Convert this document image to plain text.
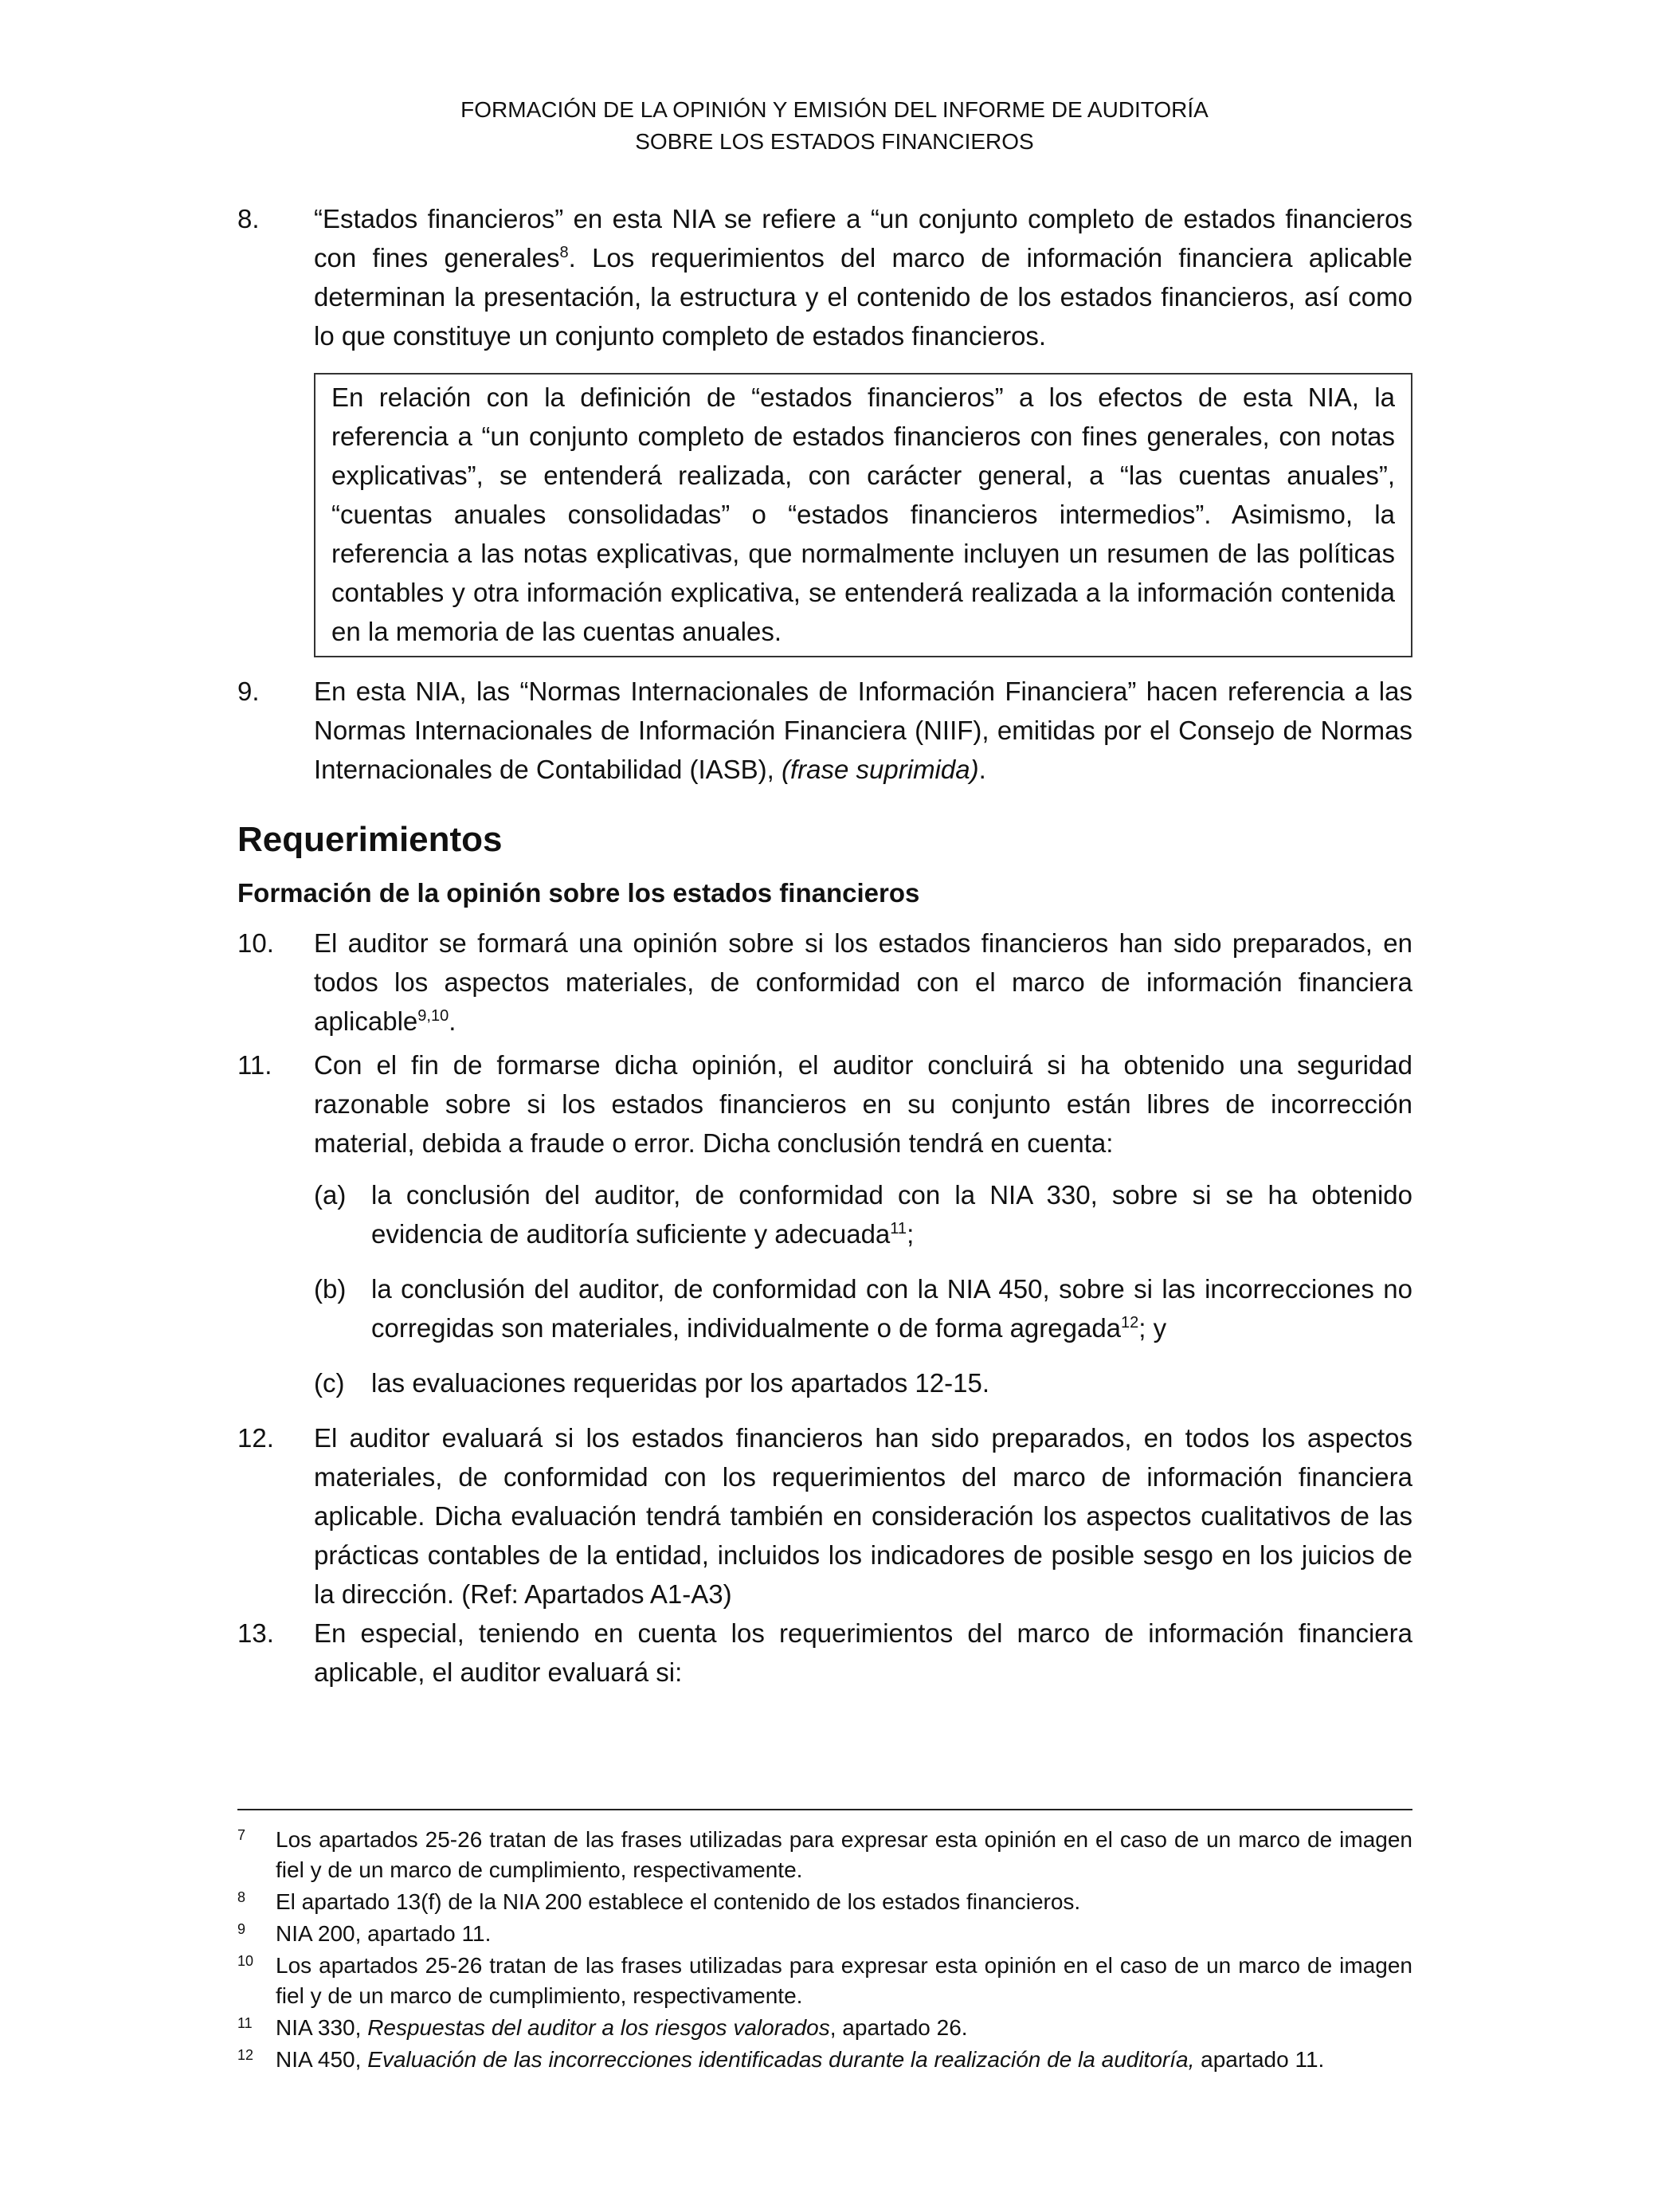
FORMACIÓN DE LA OPINIÓN Y EMISIÓN DEL INFORME DE AUDITORÍA
SOBRE LOS ESTADOS FINANCIEROS

8. “Estados financieros” en esta NIA se refiere a “un conjunto completo de estados financieros con fines generales$^8$. Los requerimientos del marco de información financiera aplicable determinan la presentación, la estructura y el contenido de los estados financieros, así como lo que constituye un conjunto completo de estados financieros.

En relación con la definición de “estados financieros” a los efectos de esta NIA, la referencia a “un conjunto completo de estados financieros con fines generales, con notas explicativas”, se entenderá realizada, con carácter general, a “las cuentas anuales”, “cuentas anuales consolidadas” o “estados financieros intermedios”. Asimismo, la referencia a las notas explicativas, que normalmente incluyen un resumen de las políticas contables y otra información explicativa, se entenderá realizada a la información contenida en la memoria de las cuentas anuales.

9. En esta NIA, las “Normas Internacionales de Información Financiera” hacen referencia a las Normas Internacionales de Información Financiera (NIIF), emitidas por el Consejo de Normas Internacionales de Contabilidad (IASB), (frase suprimida).

Requerimientos
Formación de la opinión sobre los estados financieros

10. El auditor se formará una opinión sobre si los estados financieros han sido preparados, en todos los aspectos materiales, de conformidad con el marco de información financiera aplicable$^{9,10}$.

11. Con el fin de formarse dicha opinión, el auditor concluirá si ha obtenido una seguridad razonable sobre si los estados financieros en su conjunto están libres de incorrección material, debida a fraude o error. Dicha conclusión tendrá en cuenta:

(a) la conclusión del auditor, de conformidad con la NIA 330, sobre si se ha obtenido evidencia de auditoría suficiente y adecuada$^{11}$;
(b) la conclusión del auditor, de conformidad con la NIA 450, sobre si las incorrecciones no corregidas son materiales, individualmente o de forma agregada$^{12}$; y
(c) las evaluaciones requeridas por los apartados 12-15.

12. El auditor evaluará si los estados financieros han sido preparados, en todos los aspectos materiales, de conformidad con los requerimientos del marco de información financiera aplicable. Dicha evaluación tendrá también en consideración los aspectos cualitativos de las prácticas contables de la entidad, incluidos los indicadores de posible sesgo en los juicios de la dirección. (Ref: Apartados A1-A3)

13. En especial, teniendo en cuenta los requerimientos del marco de información financiera aplicable, el auditor evaluará si:

7 Los apartados 25-26 tratan de las frases utilizadas para expresar esta opinión en el caso de un marco de imagen fiel y de un marco de cumplimiento, respectivamente.
8 El apartado 13(f) de la NIA 200 establece el contenido de los estados financieros.
9 NIA 200, apartado 11.
10 Los apartados 25-26 tratan de las frases utilizadas para expresar esta opinión en el caso de un marco de imagen fiel y de un marco de cumplimiento, respectivamente.
11 NIA 330, Respuestas del auditor a los riesgos valorados, apartado 26.
12 NIA 450, Evaluación de las incorrecciones identificadas durante la realización de la auditoría, apartado 11.
